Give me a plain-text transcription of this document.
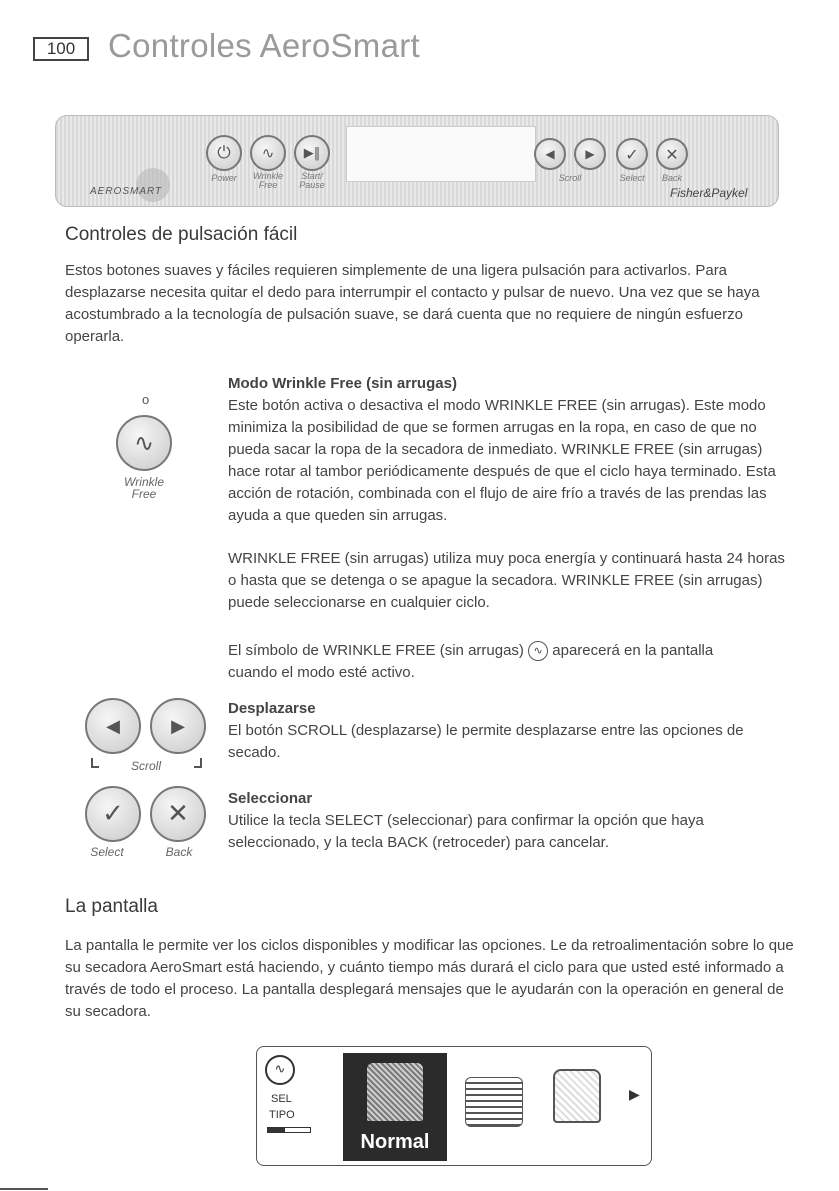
100 Controles AeroSmart
⏻	∿	▶‖
Power	Wrinkle
Free
Start/
Pause
◀	▶	✓	✕
Scroll	Select	Back
AEROSMART	Fisher&Paykel
Controles de pulsación fácil
Estos botones suaves y fáciles requieren simplemente de una ligera pulsación para activarlos. Para desplazarse necesita quitar el dedo para interrumpir el contacto y pulsar de nuevo. Una vez que se haya acostumbrado a la tecnología de pulsación suave, se dará cuenta que no requiere de ningún esfuerzo operarla.
o
∿
Wrinkle
Free
Modo Wrinkle Free (sin arrugas)
Este botón activa o desactiva el modo WRINKLE FREE (sin arrugas). Este modo minimiza la posibilidad de que se formen arrugas en la ropa, en caso de que no pueda sacar la ropa de la secadora de inmediato. WRINKLE FREE (sin arrugas) hace rotar al tambor periódicamente después de que el ciclo haya terminado. Esta acción de rotación, combinada con el flujo de aire frío a través de las prendas las ayuda a que queden sin arrugas.
WRINKLE FREE (sin arrugas) utiliza muy poca energía y continuará hasta 24 horas o hasta que se detenga o se apague la secadora. WRINKLE FREE (sin arrugas) puede seleccionarse en cualquier ciclo.
El símbolo de WRINKLE FREE (sin arrugas) ∿ aparecerá en la pantalla
cuando el modo esté activo.
◀	▶
Scroll
Desplazarse
El botón SCROLL (desplazarse) le permite desplazarse entre las opciones de secado.
✓	✕
Select	Back
Seleccionar
Utilice la tecla SELECT (seleccionar) para confirmar la opción que haya seleccionado, y la tecla BACK (retroceder) para cancelar.
La pantalla
La pantalla le permite ver los ciclos disponibles y modificar las opciones. Le da retroalimentación sobre lo que su secadora AeroSmart está haciendo, y cuánto tiempo más durará el ciclo para que usted esté informado a través de todo el proceso. La pantalla desplegará mensajes que le ayudarán con la operación en general de su secadora.
∿
SEL
TIPO
Normal
▶
